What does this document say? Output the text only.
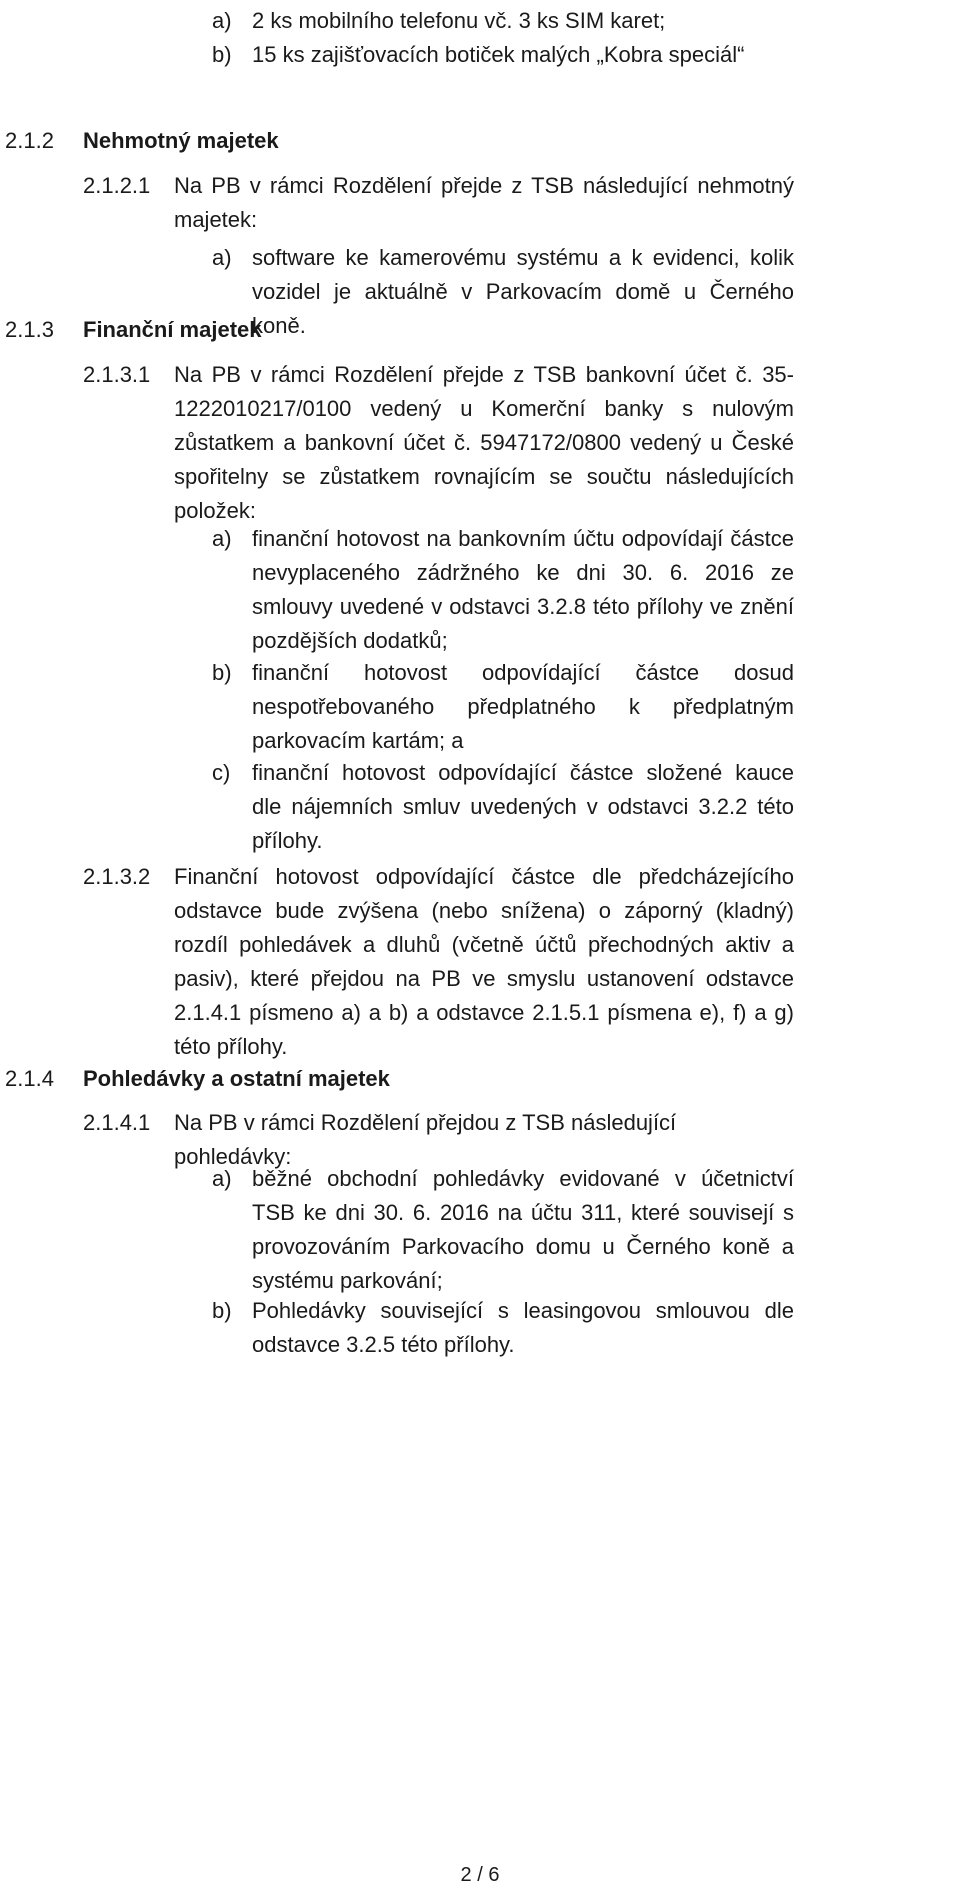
a) 2 ks mobilního telefonu vč. 3 ks SIM karet;
b) 15 ks zajišťovacích botiček malých „Kobra speciál“
2.1.2 Nehmotný majetek
2.1.2.1 Na PB v rámci Rozdělení přejde z TSB následující nehmotný majetek:
a) software ke kamerovému systému a k evidenci, kolik vozidel je aktuálně v Parkovacím domě u Černého koně.
2.1.3 Finanční majetek
2.1.3.1 Na PB v rámci Rozdělení přejde z TSB bankovní účet č. 35-1222010217/0100 vedený u Komerční banky s nulovým zůstatkem a bankovní účet č. 5947172/0800 vedený u České spořitelny se zůstatkem rovnajícím se součtu následujících položek:
a) finanční hotovost na bankovním účtu odpovídají částce nevyplaceného zádržného ke dni 30. 6. 2016 ze smlouvy uvedené v odstavci 3.2.8 této přílohy ve znění pozdějších dodatků;
b) finanční hotovost odpovídající částce dosud nespotřebovaného předplatného k předplatným parkovacím kartám; a
c) finanční hotovost odpovídající částce složené kauce dle nájemních smluv uvedených v odstavci 3.2.2 této přílohy.
2.1.3.2 Finanční hotovost odpovídající částce dle předcházejícího odstavce bude zvýšena (nebo snížena) o záporný (kladný) rozdíl pohledávek a dluhů (včetně účtů přechodných aktiv a pasiv), které přejdou na PB ve smyslu ustanovení odstavce 2.1.4.1 písmeno a) a b) a odstavce 2.1.5.1 písmena e), f) a g) této přílohy.
2.1.4 Pohledávky a ostatní majetek
2.1.4.1 Na PB v rámci Rozdělení přejdou z TSB následující pohledávky:
a) běžné obchodní pohledávky evidované v účetnictví TSB ke dni 30. 6. 2016 na účtu 311, které souvisejí s provozováním Parkovacího domu u Černého koně a systému parkování;
b) Pohledávky související s leasingovou smlouvou dle odstavce 3.2.5 této přílohy.
2 / 6
